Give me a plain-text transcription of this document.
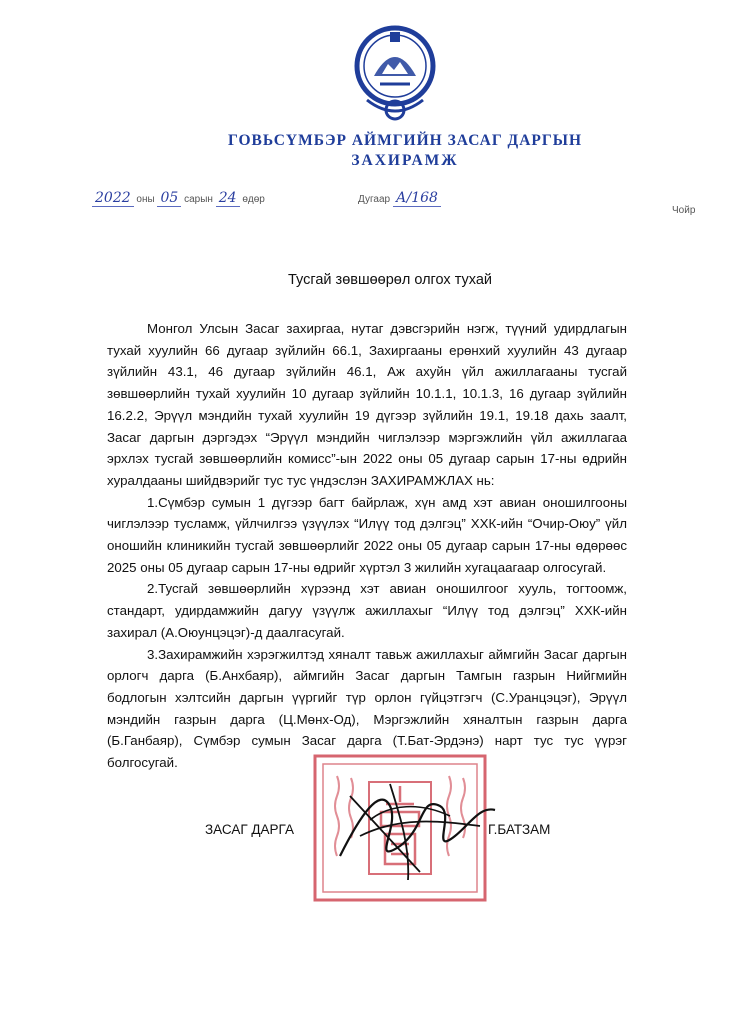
ГОВЬСҮМБЭР АЙМГИЙН ЗАСАГ ДАРГЫН
ЗАХИРАМЖ
2022 оны 05 сарын 24 өдөр	Дугаар А/168
Чойр
Тусгай зөвшөөрөл олгох тухай

Монгол Улсын Засаг захиргаа, нутаг дэвсгэрийн нэгж, түүний удирдлагын тухай хуулийн 66 дугаар зүйлийн 66.1, Захиргааны ерөнхий хуулийн 43 дугаар зүйлийн 43.1, 46 дугаар зүйлийн 46.1, Аж ахуйн үйл ажиллагааны тусгай зөвшөөрлийн тухай хуулийн 10 дугаар зүйлийн 10.1.1, 10.1.3, 16 дугаар зүйлийн 16.2.2, Эрүүл мэндийн тухай хуулийн 19 дүгээр зүйлийн 19.1, 19.18 дахь заалт, Засаг даргын дэргэдэх “Эрүүл мэндийн чиглэлээр мэргэжлийн үйл ажиллагаа эрхлэх тусгай зөвшөөрлийн комисс”-ын 2022 оны 05 дугаар сарын 17-ны өдрийн хуралдааны шийдвэрийг тус тус үндэслэн ЗАХИРАМЖЛАХ нь:

1.Сүмбэр сумын 1 дүгээр багт байрлаж, хүн амд хэт авиан оношилгооны чиглэлээр тусламж, үйлчилгээ үзүүлэх “Илүү тод дэлгэц” ХХК-ийн “Очир-Оюу” үйл оношийн клиникийн тусгай зөвшөөрлийг 2022 оны 05 дугаар сарын 17-ны өдөрөөс 2025 оны 05 дугаар сарын 17-ны өдрийг хүртэл 3 жилийн хугацаагаар олгосугай.

2.Тусгай зөвшөөрлийн хүрээнд хэт авиан оношилгоог хууль, тогтоомж, стандарт, удирдамжийн дагуу үзүүлж ажиллахыг “Илүү тод дэлгэц” ХХК-ийн захирал (А.Оюунцэцэг)-д даалгасугай.

3.Захирамжийн хэрэгжилтэд хяналт тавьж ажиллахыг аймгийн Засаг даргын орлогч дарга (Б.Анхбаяр), аймгийн Засаг даргын Тамгын газрын Нийгмийн бодлогын хэлтсийн даргын үүргийг түр орлон гүйцэтгэгч (С.Уранцэцэг), Эрүүл мэндийн газрын дарга (Ц.Мөнх-Од), Мэргэжлийн хяналтын газрын дарга (Б.Ганбаяр), Сүмбэр сумын Засаг дарга (Т.Бат-Эрдэнэ) нарт тус тус үүрэг болгосугай.

ЗАСАГ ДАРГА	Г.БАТЗАМ
